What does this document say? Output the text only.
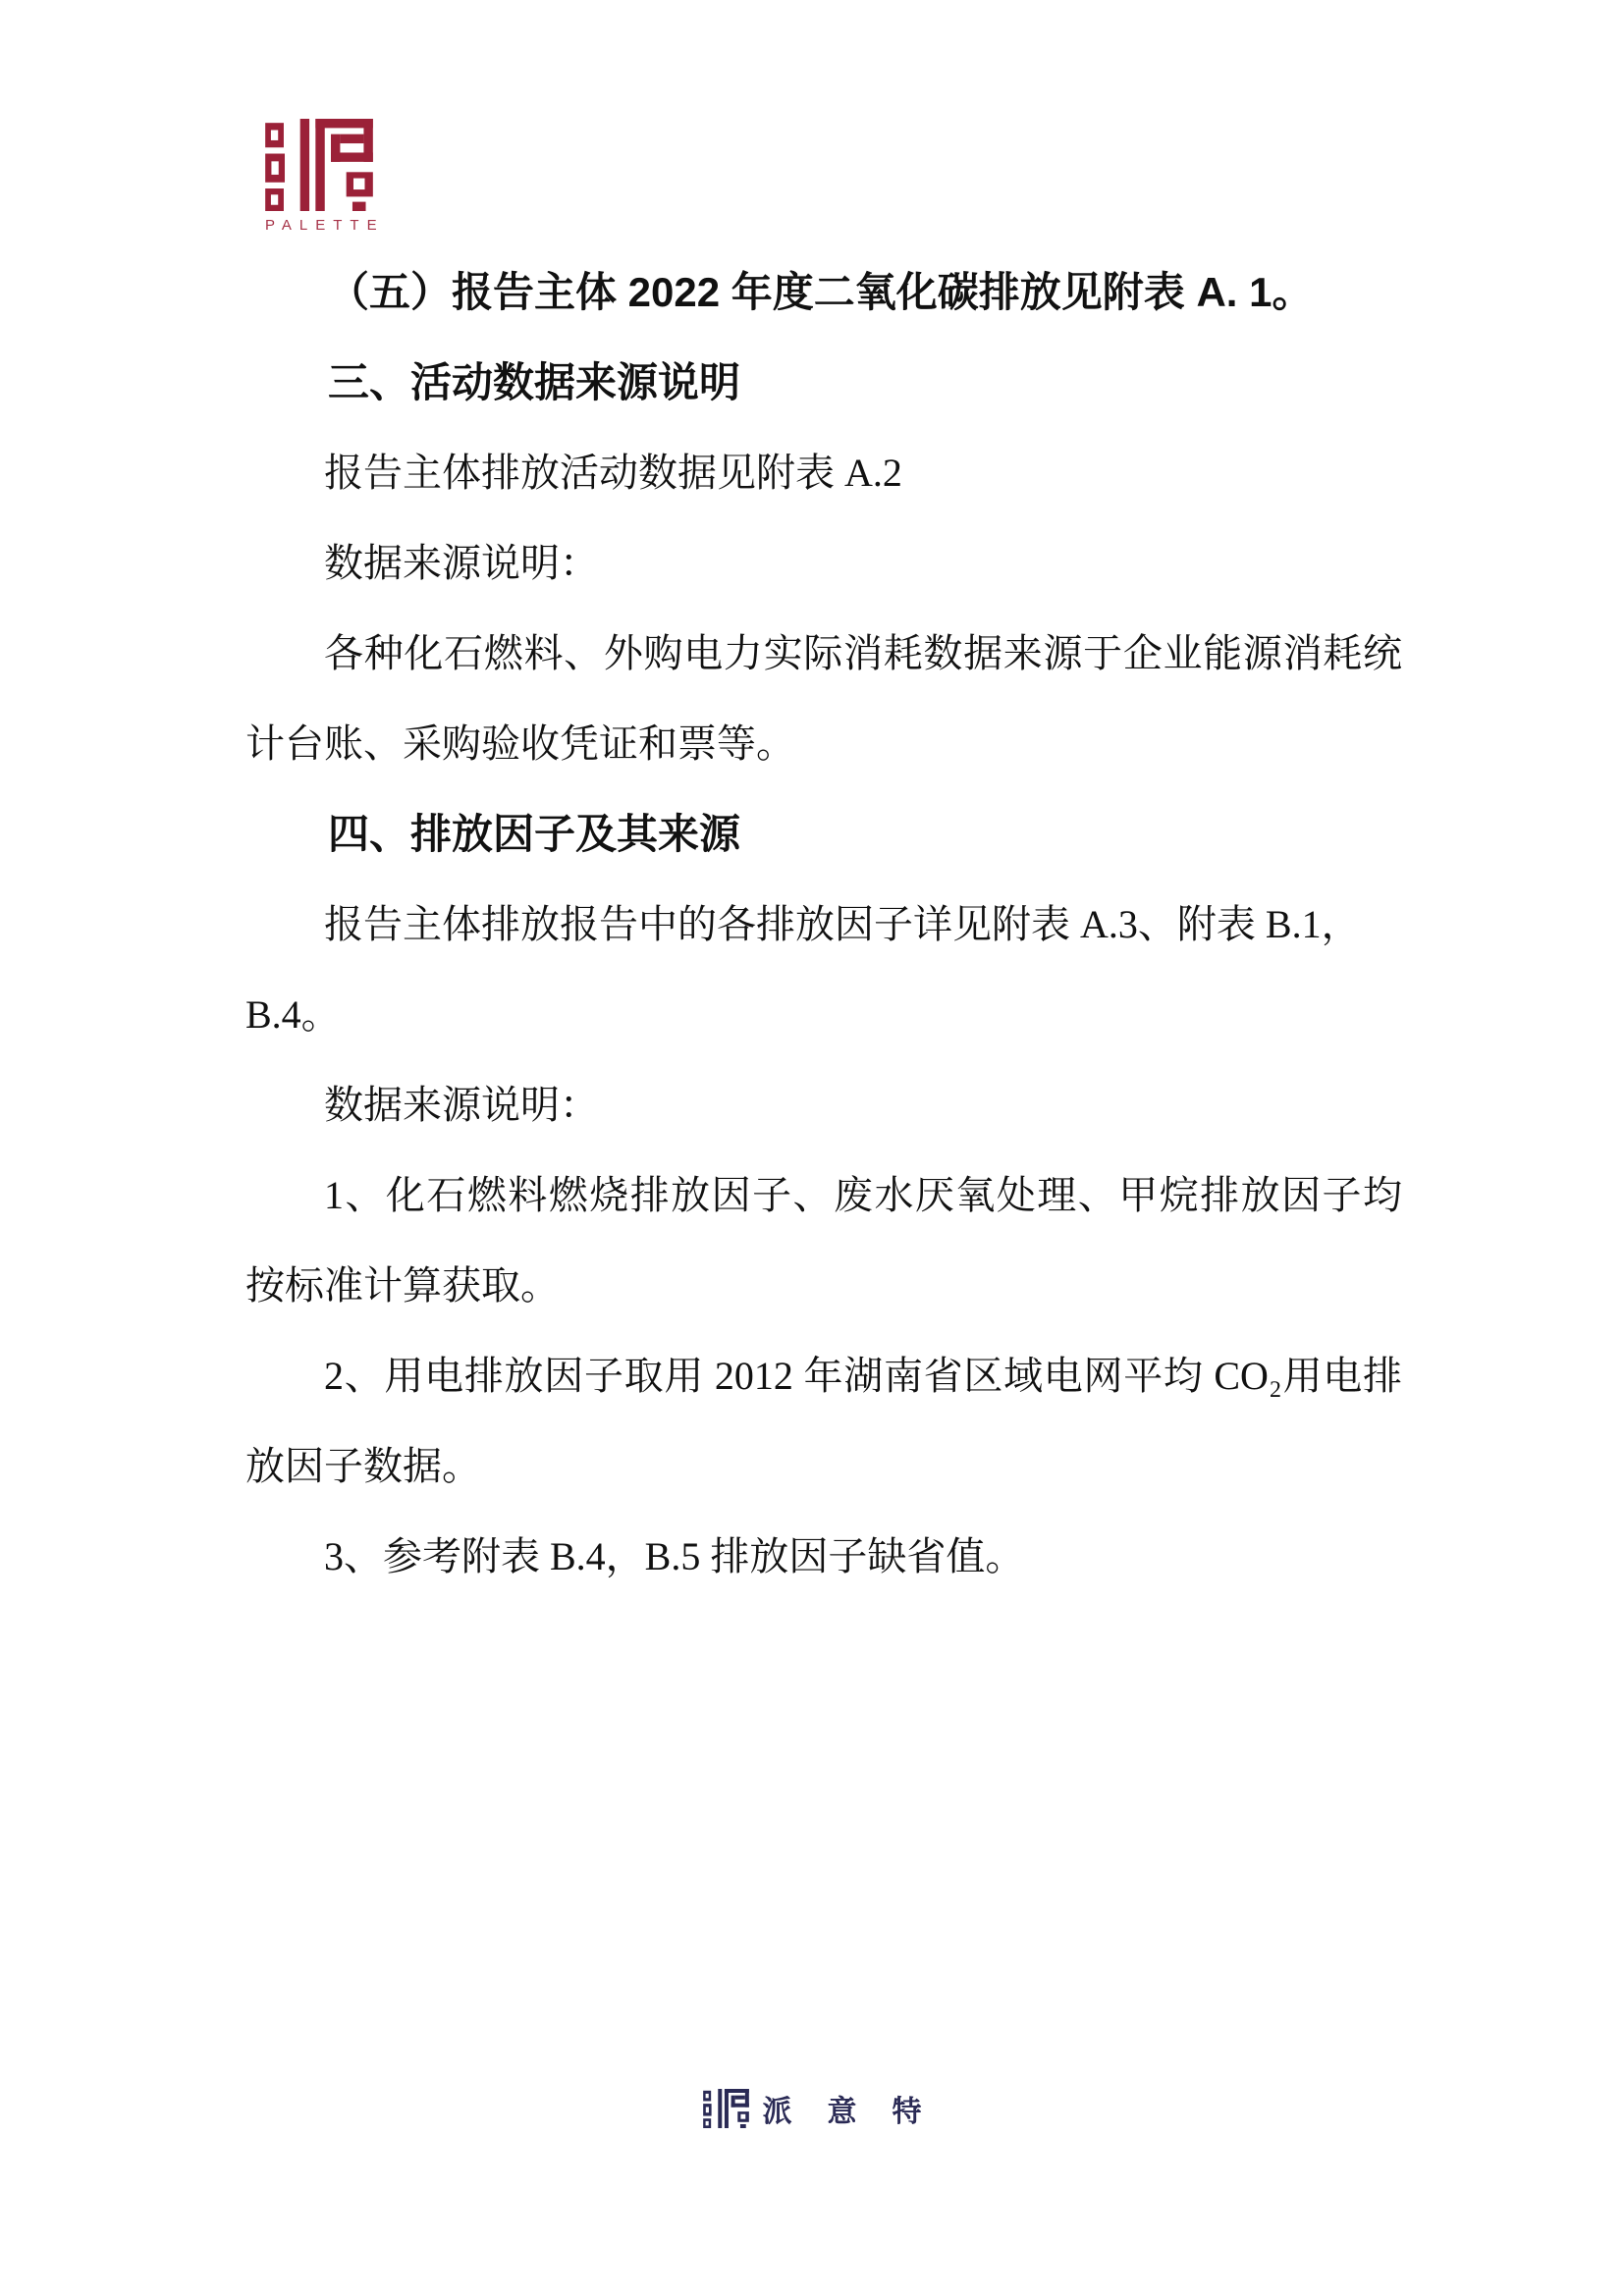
PALETTE

（五）报告主体 2022 年度二氧化碳排放见附表 A. 1。

三、活动数据来源说明

报告主体排放活动数据见附表 A.2

数据来源说明：

各种化石燃料、外购电力实际消耗数据来源于企业能源消耗统计台账、采购验收凭证和票等。

四、排放因子及其来源

报告主体排放报告中的各排放因子详见附表 A.3、附表 B.1，B.4。

数据来源说明：

1、化石燃料燃烧排放因子、废水厌氧处理、甲烷排放因子均按标准计算获取。

2、用电排放因子取用 2012 年湖南省区域电网平均 CO₂用电排放因子数据。

3、参考附表 B.4，B.5 排放因子缺省值。

派意特
